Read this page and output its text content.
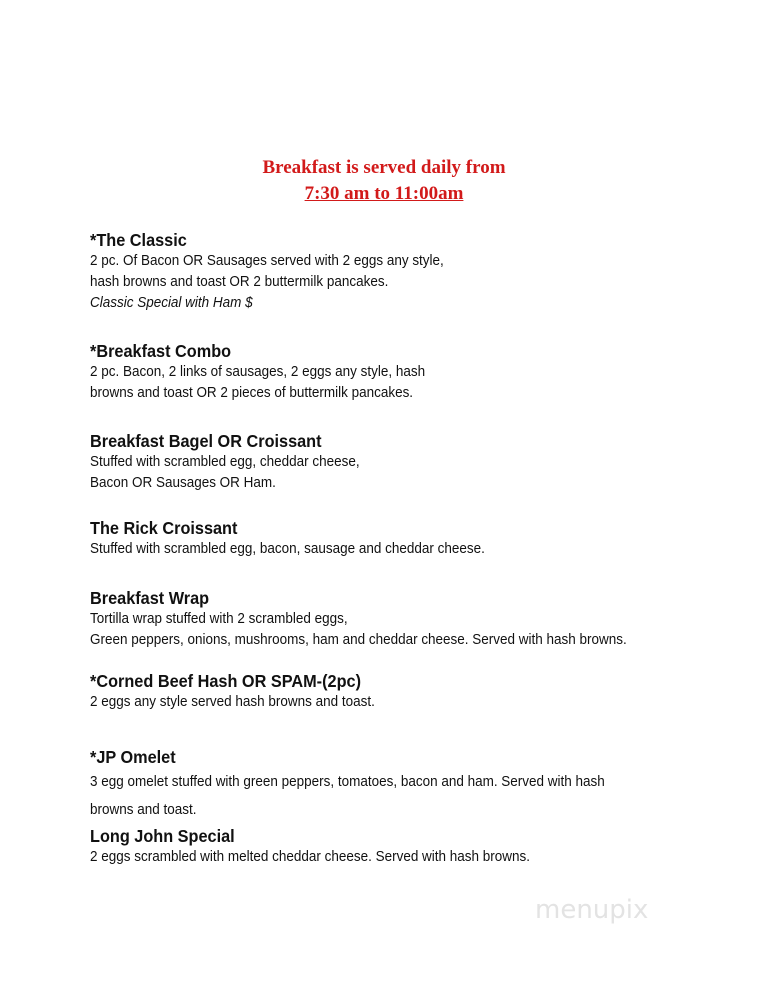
Breakfast is served daily from
7:30 am to 11:00am
*The Classic
2 pc. Of Bacon OR Sausages served with 2 eggs any style,
hash browns and toast OR 2 buttermilk pancakes.
Classic Special with Ham $
*Breakfast Combo
2 pc. Bacon, 2 links of sausages, 2 eggs any style, hash
browns and toast OR 2 pieces of buttermilk pancakes.
Breakfast Bagel OR Croissant
Stuffed with scrambled egg, cheddar cheese,
Bacon OR Sausages OR Ham.
The Rick Croissant
Stuffed with scrambled egg, bacon, sausage and cheddar cheese.
Breakfast Wrap
Tortilla wrap stuffed with 2 scrambled eggs,
Green peppers, onions, mushrooms, ham and cheddar cheese. Served with hash browns.
*Corned Beef Hash OR SPAM-(2pc)
2 eggs any style served hash browns and toast.
*JP Omelet
3 egg omelet stuffed with green peppers, tomatoes, bacon and ham. Served with hash
browns and toast.
Long John Special
2 eggs scrambled with melted cheddar cheese. Served with hash browns.
menupix
